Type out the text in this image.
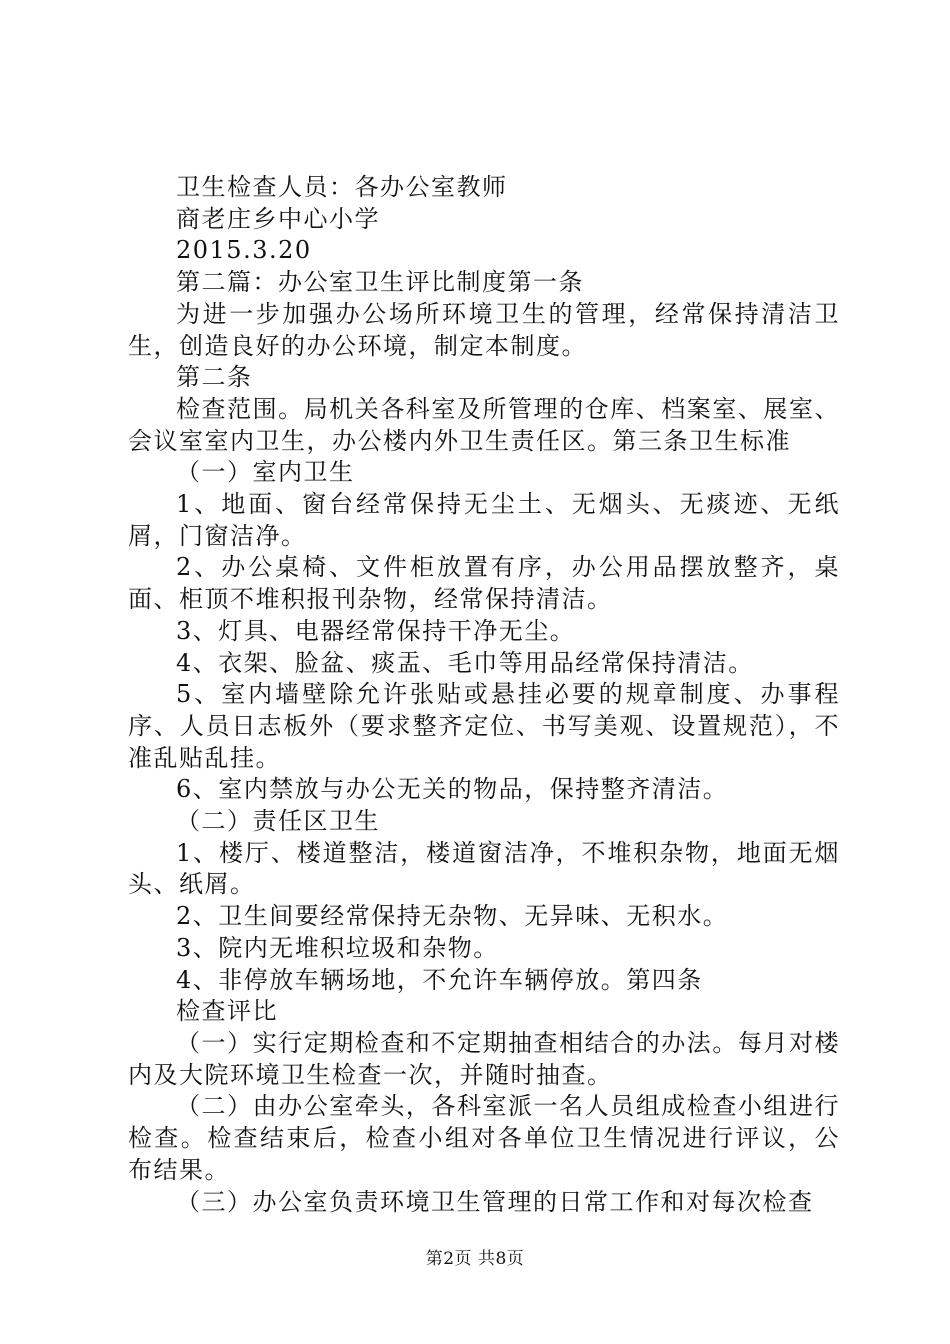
卫生检查人员：各办公室教师

商老庄乡中心小学

2015.3.20

第二篇：办公室卫生评比制度第一条

为进一步加强办公场所环境卫生的管理，经常保持清洁卫生，创造良好的办公环境，制定本制度。

第二条

检查范围。局机关各科室及所管理的仓库、档案室、展室、会议室室内卫生，办公楼内外卫生责任区。第三条卫生标准

（一）室内卫生

1、地面、窗台经常保持无尘土、无烟头、无痰迹、无纸屑，门窗洁净。

2、办公桌椅、文件柜放置有序，办公用品摆放整齐，桌面、柜顶不堆积报刊杂物，经常保持清洁。

3、灯具、电器经常保持干净无尘。

4、衣架、脸盆、痰盂、毛巾等用品经常保持清洁。

5、室内墙壁除允许张贴或悬挂必要的规章制度、办事程序、人员日志板外（要求整齐定位、书写美观、设置规范），不准乱贴乱挂。

6、室内禁放与办公无关的物品，保持整齐清洁。

（二）责任区卫生

1、楼厅、楼道整洁，楼道窗洁净，不堆积杂物，地面无烟头、纸屑。

2、卫生间要经常保持无杂物、无异味、无积水。

3、院内无堆积垃圾和杂物。

4、非停放车辆场地，不允许车辆停放。第四条

检查评比

（一）实行定期检查和不定期抽查相结合的办法。每月对楼内及大院环境卫生检查一次，并随时抽查。

（二）由办公室牵头，各科室派一名人员组成检查小组进行检查。检查结束后，检查小组对各单位卫生情况进行评议，公布结果。

（三）办公室负责环境卫生管理的日常工作和对每次检查

第2页 共8页
